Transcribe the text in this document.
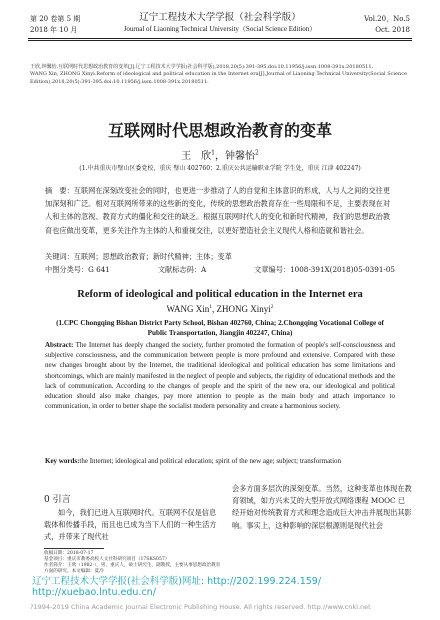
第 20 卷第 5 期
2018 年 10 月
辽宁工程技术大学学报（社会科学版）
Journal of Liaoning Technical University（Social Science Edition）
Vol.20，No.5
Oct. 2018
王欣,钟馨怡.互联网时代思想政治教育的变革[J].辽宁工程技术大学学报(社会科学版),2018,20(5):391-395.doi:10.11956/j.issn.1008-391x.20180511.
WANG Xin, ZHONG Xinyi.Reform of ideological and political education in the Internet era[J].Journal of Liaoning Technical University(Social Science Edition),2018,20(5):391-395.doi:10.11956/j.issn.1008-391x.20180511.
互联网时代思想政治教育的变革
王　欣$^1$，钟馨怡$^2$
(1.中共重庆市璧山区委党校，重庆 璧山 402760；2.重庆公共运输职业学院 学生处，重庆 江津 402247)
摘　要：互联网在深刻改变社会的同时，也更进一步推动了人的自觉和主体意识的形成，人与人之间的交往更加深刻和广泛。相对互联网所带来的这些新的变化，传统的思想政治教育存在一些局限和不足，主要表现在对人和主体的忽视、教育方式的僵化和交往的缺乏。根据互联网时代人的变化和新时代精神，我们的思想政治教育也应做出变革，更多关注作为主体的人和重视交往，以更好塑造社会主义现代人格和造就和谐社会。
关键词：互联网；思想政治教育；新时代精神；主体；变革
中图分类号：G 641	文献标志码：A	文章编号：1008-391X(2018)05-0391-05
Reform of ideological and political education in the Internet era
WANG Xin$^1$, ZHONG Xinyi$^2$
(1.CPC Chongqing Bishan District Party School, Bishan 402760, China; 2.Chongqing Vocational College of Public Transportation, Jiangjin 402247, China)
Abstract: The Internet has deeply changed the society, further promoted the formation of people's self-consciousness and subjective consciousness, and the communication between people is more profound and extensive. Compared with these new changes brought about by the Internet, the traditional ideological and political education has some limitations and shortcomings, which are mainly manifested in the neglect of people and subjects, the rigidity of educational methods and the lack of communication. According to the changes of people and the spirit of the new era, our ideological and political education should also make changes, pay more attention to people as the main body and attach importance to communication, in order to better shape the socialist modern personality and create a harmonious society.
Key words:the Internet; ideological and political education; spirit of the new age; subject; transformation
0 引言
如今，我们已进入互联网时代。互联网不仅是信息载体和传播手段，而且也已成为当下人们的一种生活方式，并带来了现代社
会多方面多层次的深刻变革。当然，这种变革也体现在教育领域，如方兴未艾的大型开放式网络课程 MOOC 已经开始对传统教育方式和理念造成巨大冲击并展现出其影响。事实上，这种影响的深层根源则是现代社会
收稿日期：2018-07-17
基金项目：重庆市教委高校人文社科研究项目（17SKS057）
作者简介：王欣（1982-），男，重庆人，硕士研究生，副教授，主要从事思想政治教育方面的研究。本文编辑：夏冷
辽宁工程技术大学学报(社会科学版)网址: http://202.199.224.159/　　http://xuebao.lntu.edu.cn/
?1994-2019 China Academic Journal Electronic Publishing House. All rights reserved. http://www.cnki.net
